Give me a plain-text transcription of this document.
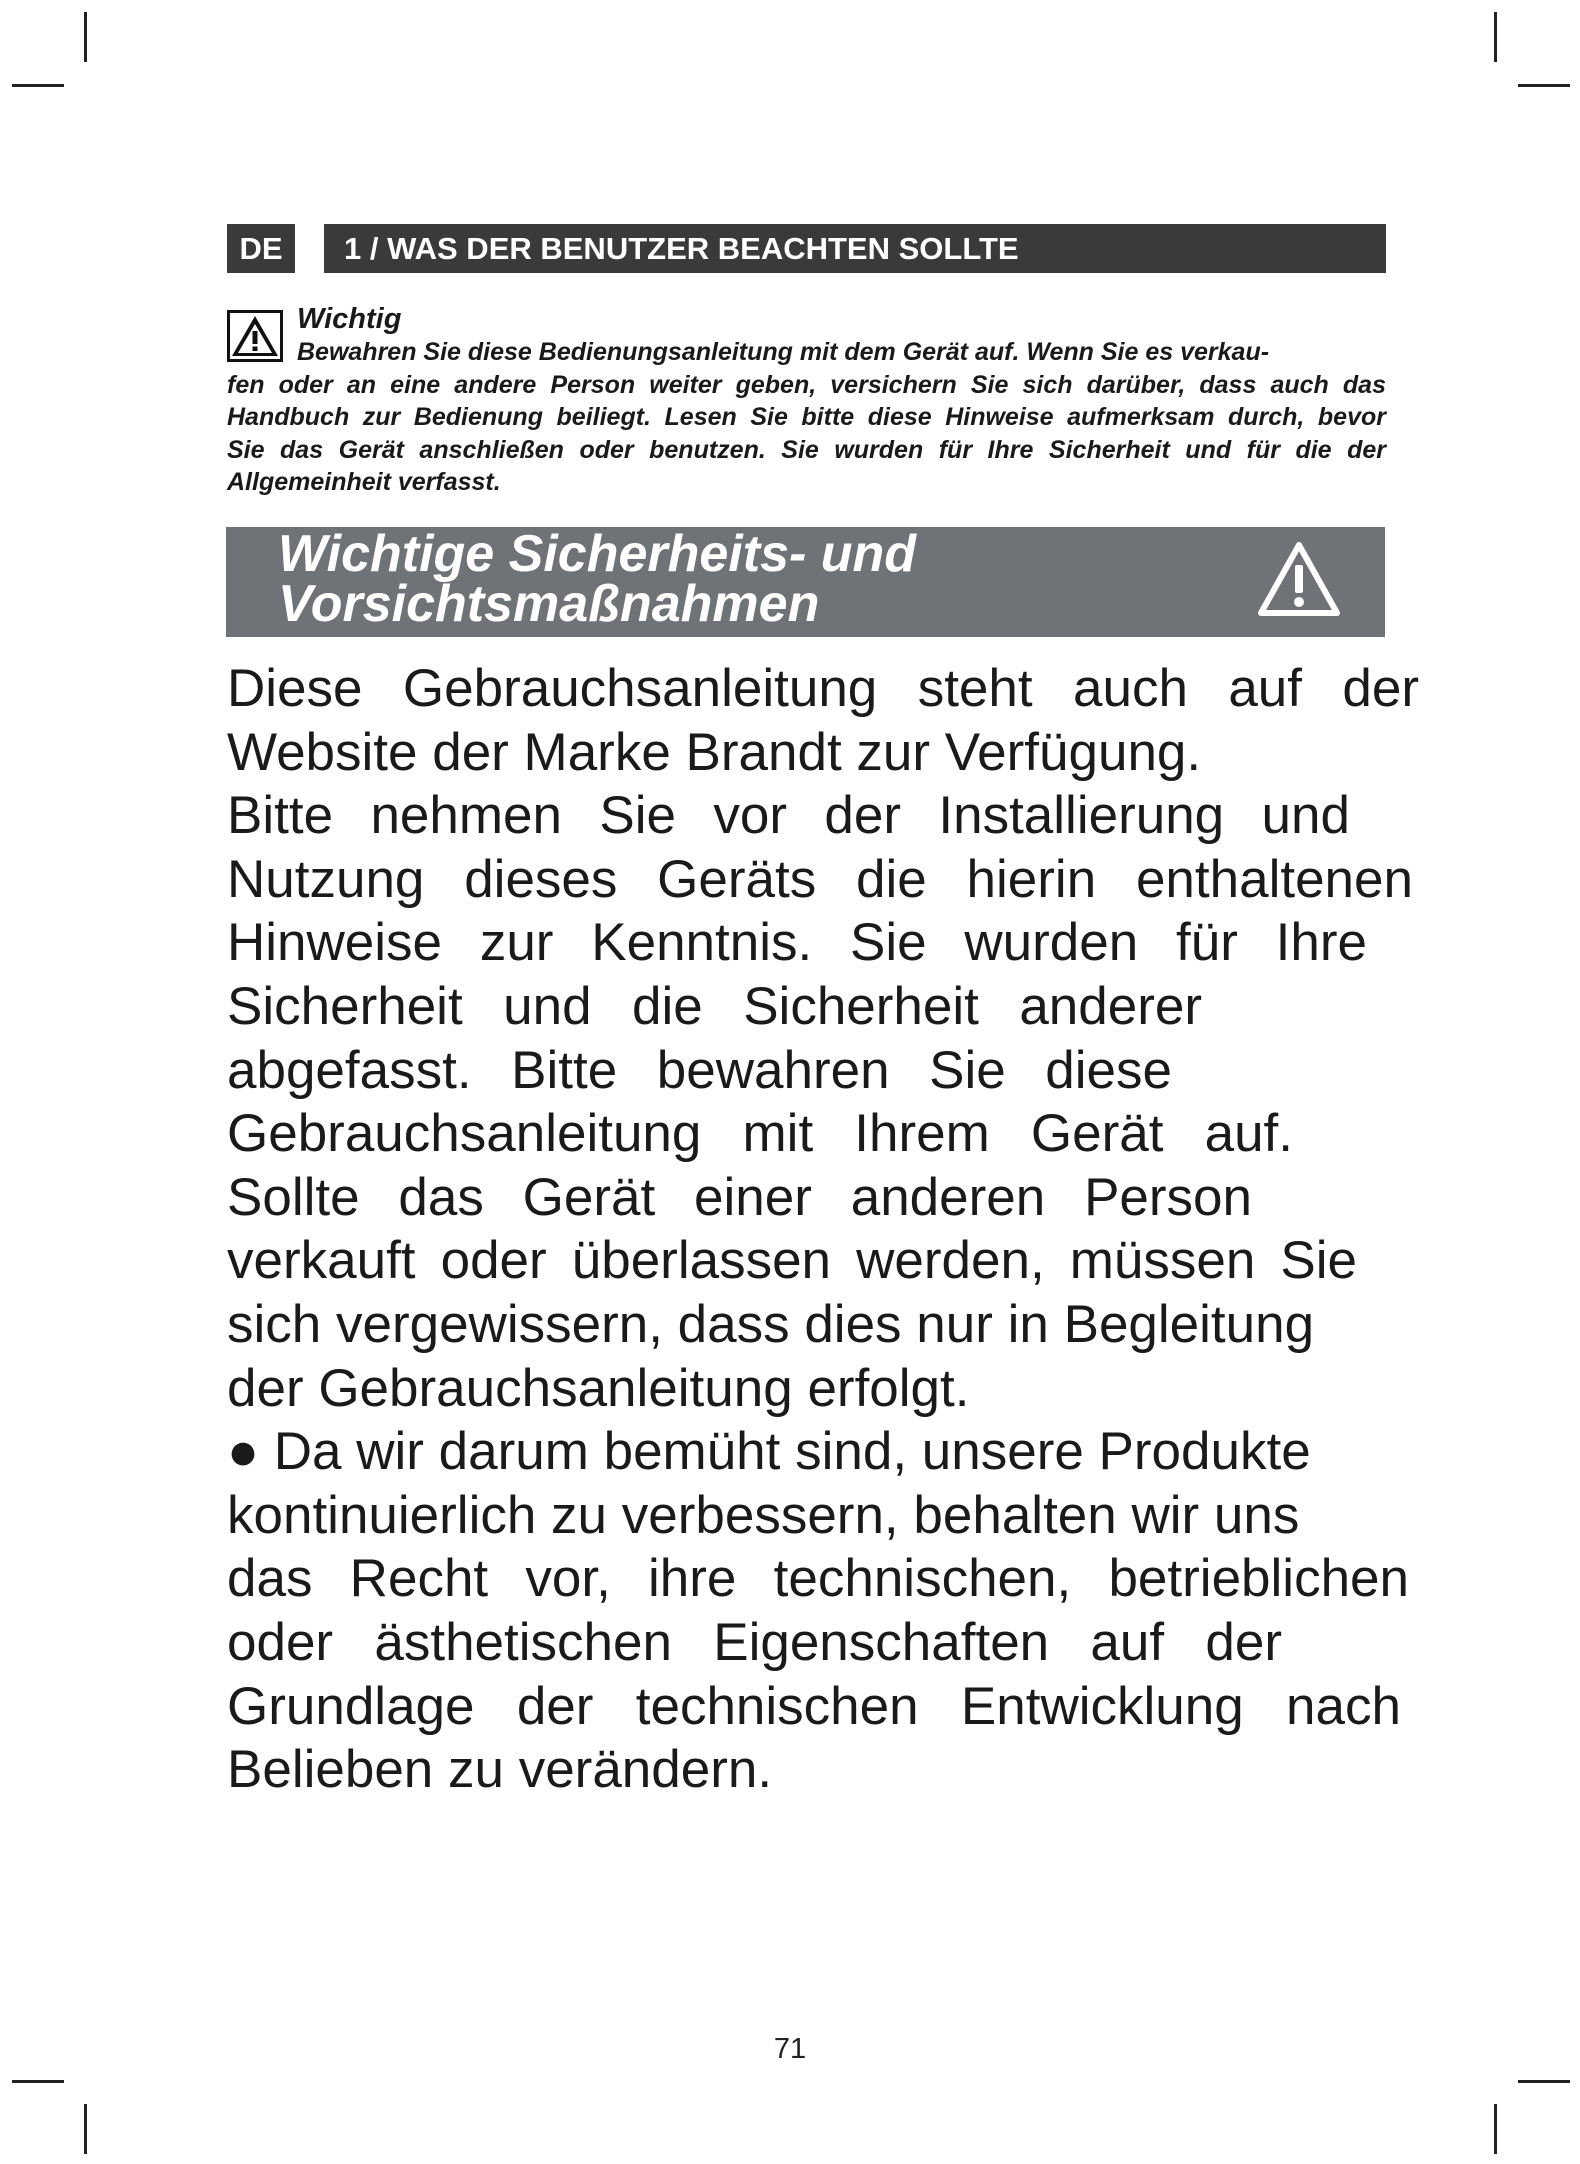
DE	1 / WAS DER BENUTZER BEACHTEN SOLLTE
Wichtig

Bewahren Sie diese Bedienungsanleitung mit dem Gerät auf. Wenn Sie es verkau-
fen oder an eine andere Person weiter geben, versichern Sie sich darüber, dass auch das
Handbuch zur Bedienung beiliegt. Lesen Sie bitte diese Hinweise aufmerksam durch, bevor
Sie das Gerät anschließen oder benutzen. Sie wurden für Ihre Sicherheit und für die der
Allgemeinheit verfasst.

Wichtige Sicherheits- und
Vorsichtsmaßnahmen
Diese Gebrauchsanleitung steht auch auf der
Website der Marke Brandt zur Verfügung.
Bitte nehmen Sie vor der Installierung und
Nutzung dieses Geräts die hierin enthaltenen
Hinweise zur Kenntnis. Sie wurden für Ihre
Sicherheit und die Sicherheit anderer
abgefasst. Bitte bewahren Sie diese
Gebrauchsanleitung mit Ihrem Gerät auf.
Sollte das Gerät einer anderen Person
verkauft oder überlassen werden, müssen Sie
sich vergewissern, dass dies nur in Begleitung
der Gebrauchsanleitung erfolgt.
● Da wir darum bemüht sind, unsere Produkte
kontinuierlich zu verbessern, behalten wir uns
das Recht vor, ihre technischen, betrieblichen
oder ästhetischen Eigenschaften auf der
Grundlage der technischen Entwicklung nach
Belieben zu verändern.
71
